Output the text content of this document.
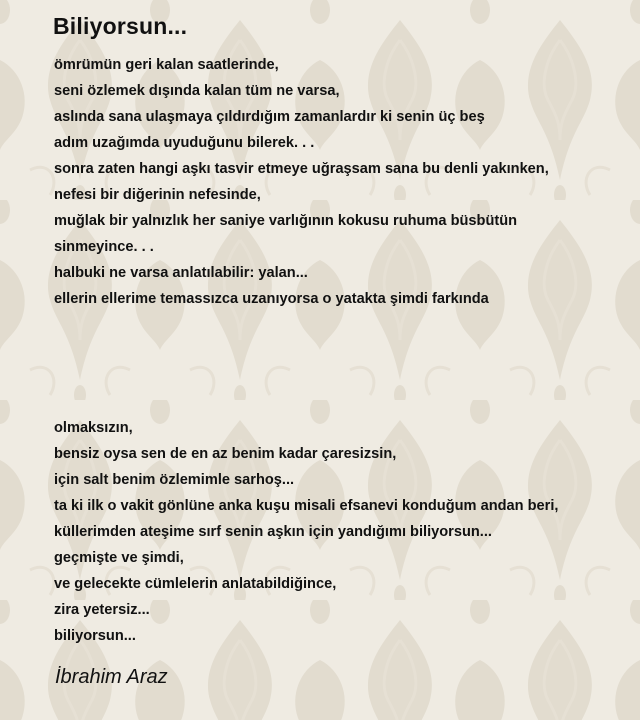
Biliyorsun...
ömrümün geri kalan saatlerinde,
seni özlemek dışında kalan tüm ne varsa,
aslında sana ulaşmaya çıldırdığım zamanlardır ki senin üç beş
adım uzağımda uyuduğunu bilerek. . .
sonra zaten hangi aşkı tasvir etmeye uğraşsam sana bu denli yakınken,
nefesi bir diğerinin nefesinde,
muğlak bir yalnızlık her saniye varlığının kokusu ruhuma büsbütün
sinmeyince. . .
halbuki ne varsa anlatılabilir: yalan...
ellerin ellerime temassızca uzanıyorsa o yatakta şimdi farkında
olmaksızın,
bensiz oysa sen de en az benim kadar çaresizsin,
için salt benim özlemimle sarhoş...
ta ki ilk o vakit gönlüne anka kuşu misali efsanevi konduğum andan beri,
küllerimden ateşime sırf senin aşkın için yandığımı biliyorsun...
geçmişte ve şimdi,
ve gelecekte cümlelerin anlatabildiğince,
zira yetersiz...
biliyorsun...
İbrahim Araz
